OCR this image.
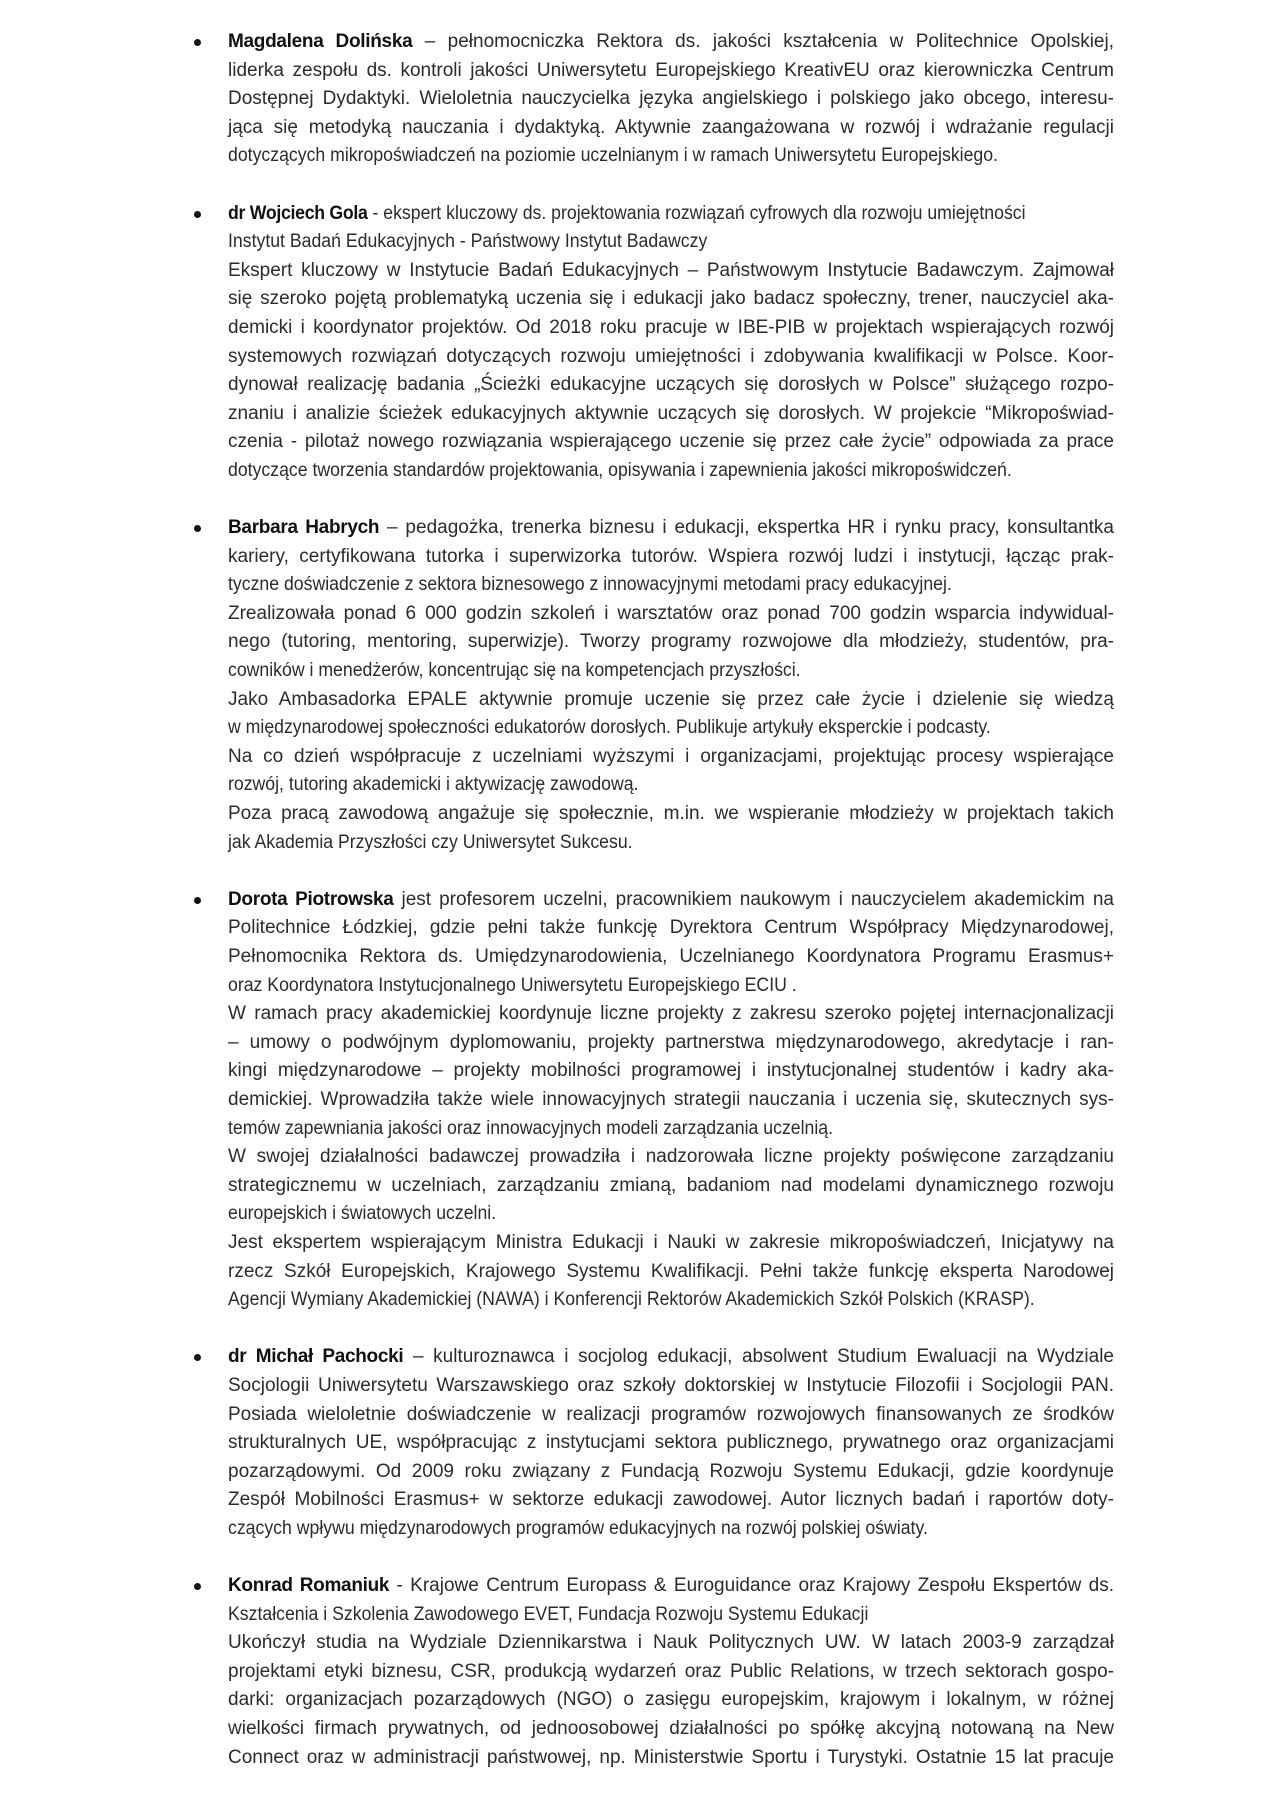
Magdalena Dolińska – pełnomocniczka Rektora ds. jakości kształcenia w Politechnice Opolskiej,
liderka zespołu ds. kontroli jakości Uniwersytetu Europejskiego KreativEU oraz kierowniczka Centrum
Dostępnej Dydaktyki. Wieloletnia nauczycielka języka angielskiego i polskiego jako obcego, interesu-
jąca się metodyką nauczania i dydaktyką. Aktywnie zaangażowana w rozwój i wdrażanie regulacji
dotyczących mikropoświadczeń na poziomie uczelnianym i w ramach Uniwersytetu Europejskiego.
dr Wojciech Gola - ekspert kluczowy ds. projektowania rozwiązań cyfrowych dla rozwoju umiejętności
Instytut Badań Edukacyjnych - Państwowy Instytut Badawczy
Ekspert kluczowy w Instytucie Badań Edukacyjnych – Państwowym Instytucie Badawczym. Zajmował
się szeroko pojętą problematyką uczenia się i edukacji jako badacz społeczny, trener, nauczyciel aka-
demicki i koordynator projektów. Od 2018 roku pracuje w IBE-PIB w projektach wspierających rozwój
systemowych rozwiązań dotyczących rozwoju umiejętności i zdobywania kwalifikacji w Polsce. Koor-
dynował realizację badania „Ścieżki edukacyjne uczących się dorosłych w Polsce” służącego rozpo-
znaniu i analizie ścieżek edukacyjnych aktywnie uczących się dorosłych. W projekcie “Mikropoświad-
czenia - pilotaż nowego rozwiązania wspierającego uczenie się przez całe życie” odpowiada za prace
dotyczące tworzenia standardów projektowania, opisywania i zapewnienia jakości mikropoświdczeń.
Barbara Habrych – pedagożka, trenerka biznesu i edukacji, ekspertka HR i rynku pracy, konsultantka
kariery, certyfikowana tutorka i superwizorka tutorów. Wspiera rozwój ludzi i instytucji, łącząc prak-
tyczne doświadczenie z sektora biznesowego z innowacyjnymi metodami pracy edukacyjnej.
Zrealizowała ponad 6 000 godzin szkoleń i warsztatów oraz ponad 700 godzin wsparcia indywidual-
nego (tutoring, mentoring, superwizje). Tworzy programy rozwojowe dla młodzieży, studentów, pra-
cowników i menedżerów, koncentrując się na kompetencjach przyszłości.
Jako Ambasadorka EPALE aktywnie promuje uczenie się przez całe życie i dzielenie się wiedzą
w międzynarodowej społeczności edukatorów dorosłych. Publikuje artykuły eksperckie i podcasty.
Na co dzień współpracuje z uczelniami wyższymi i organizacjami, projektując procesy wspierające
rozwój, tutoring akademicki i aktywizację zawodową.
Poza pracą zawodową angażuje się społecznie, m.in. we wspieranie młodzieży w projektach takich
jak Akademia Przyszłości czy Uniwersytet Sukcesu.
Dorota Piotrowska jest profesorem uczelni, pracownikiem naukowym i nauczycielem akademickim na
Politechnice Łódzkiej, gdzie pełni także funkcję Dyrektora Centrum Współpracy Międzynarodowej,
Pełnomocnika Rektora ds. Umiędzynarodowienia, Uczelnianego Koordynatora Programu Erasmus+
oraz Koordynatora Instytucjonalnego Uniwersytetu Europejskiego ECIU .
W ramach pracy akademickiej koordynuje liczne projekty z zakresu szeroko pojętej internacjonalizacji
– umowy o podwójnym dyplomowaniu, projekty partnerstwa międzynarodowego, akredytacje i ran-
kingi międzynarodowe – projekty mobilności programowej i instytucjonalnej studentów i kadry aka-
demickiej. Wprowadziła także wiele innowacyjnych strategii nauczania i uczenia się, skutecznych sys-
temów zapewniania jakości oraz innowacyjnych modeli zarządzania uczelnią.
W swojej działalności badawczej prowadziła i nadzorowała liczne projekty poświęcone zarządzaniu
strategicznemu w uczelniach, zarządzaniu zmianą, badaniom nad modelami dynamicznego rozwoju
europejskich i światowych uczelni.
Jest ekspertem wspierającym Ministra Edukacji i Nauki w zakresie mikropoświadczeń, Inicjatywy na
rzecz Szkół Europejskich, Krajowego Systemu Kwalifikacji. Pełni także funkcję eksperta Narodowej
Agencji Wymiany Akademickiej (NAWA) i Konferencji Rektorów Akademickich Szkół Polskich (KRASP).
dr Michał Pachocki – kulturoznawca i socjolog edukacji, absolwent Studium Ewaluacji na Wydziale
Socjologii Uniwersytetu Warszawskiego oraz szkoły doktorskiej w Instytucie Filozofii i Socjologii PAN.
Posiada wieloletnie doświadczenie w realizacji programów rozwojowych finansowanych ze środków
strukturalnych UE, współpracując z instytucjami sektora publicznego, prywatnego oraz organizacjami
pozarządowymi. Od 2009 roku związany z Fundacją Rozwoju Systemu Edukacji, gdzie koordynuje
Zespół Mobilności Erasmus+ w sektorze edukacji zawodowej. Autor licznych badań i raportów doty-
czących wpływu międzynarodowych programów edukacyjnych na rozwój polskiej oświaty.
Konrad Romaniuk - Krajowe Centrum Europass & Euroguidance oraz Krajowy Zespołu Ekspertów ds.
Kształcenia i Szkolenia Zawodowego EVET, Fundacja Rozwoju Systemu Edukacji
Ukończył studia na Wydziale Dziennikarstwa i Nauk Politycznych UW. W latach 2003-9 zarządzał
projektami etyki biznesu, CSR, produkcją wydarzeń oraz Public Relations, w trzech sektorach gospo-
darki: organizacjach pozarządowych (NGO) o zasięgu europejskim, krajowym i lokalnym, w różnej
wielkości firmach prywatnych, od jednoosobowej działalności po spółkę akcyjną notowaną na New
Connect oraz w administracji państwowej, np. Ministerstwie Sportu i Turystyki. Ostatnie 15 lat pracuje
